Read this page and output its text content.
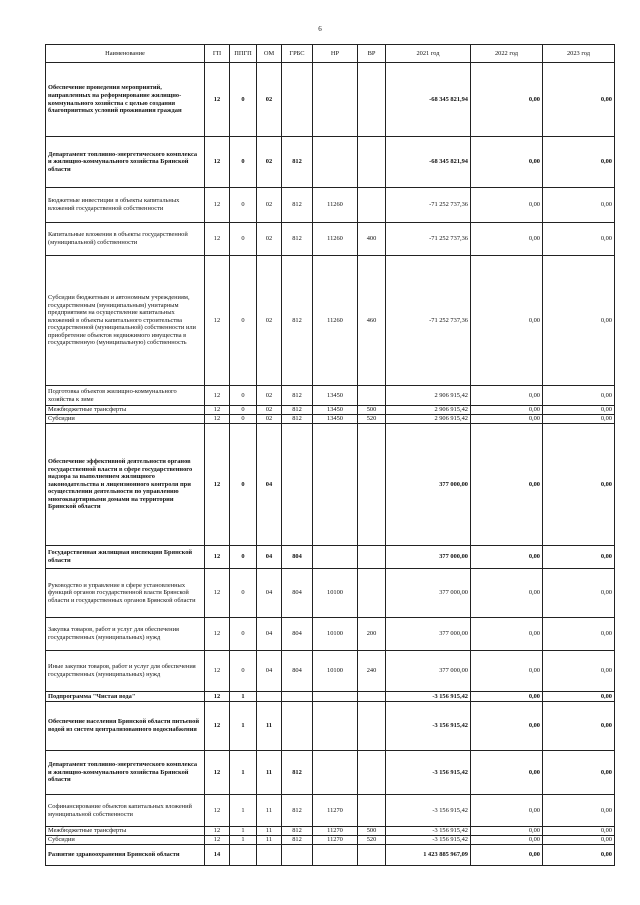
6
Наименование	ГП	ППГП	ОМ	ГРБС	НР	ВР	2021 год	2022 год	2023 год
Обеспечение проведения мероприятий, направленных на реформирование жилищно-коммунального хозяйства с целью создания благоприятных условий проживания граждан	12	0	02				-68 345 821,94	0,00	0,00
Департамент топливно-энергетического комплекса и жилищно-коммунального хозяйства Брянской области	12	0	02	812			-68 345 821,94	0,00	0,00
Бюджетные инвестиции в объекты капитальных вложений государственной собственности	12	0	02	812	11260		-71 252 737,36	0,00	0,00
Капитальные вложения в объекты государственной (муниципальной) собственности	12	0	02	812	11260	400	-71 252 737,36	0,00	0,00
Субсидии бюджетным и автономным учреждениям, государственным (муниципальным) унитарным предприятиям на осуществление капитальных вложений в объекты капитального строительства государственной (муниципальной) собственности или приобретение объектов недвижимого имущества в государственную (муниципальную) собственность	12	0	02	812	11260	460	-71 252 737,36	0,00	0,00
Подготовка объектов жилищно-коммунального хозяйства к зиме	12	0	02	812	13450		2 906 915,42	0,00	0,00
Межбюджетные трансферты	12	0	02	812	13450	500	2 906 915,42	0,00	0,00
Субсидии	12	0	02	812	13450	520	2 906 915,42	0,00	0,00
Обеспечение эффективной деятельности органов государственной власти в сфере государственного надзора за выполнением жилищного законодательства и лицензионного контроля при осуществлении деятельности по управлению многоквартирными домами на территории Брянской области	12	0	04				377 000,00	0,00	0,00
Государственная жилищная инспекция Брянской области	12	0	04	804			377 000,00	0,00	0,00
Руководство и управление в сфере установленных функций органов государственной власти Брянской области и государственных органов Брянской области	12	0	04	804	10100		377 000,00	0,00	0,00
Закупка товаров, работ и услуг для обеспечения государственных (муниципальных) нужд	12	0	04	804	10100	200	377 000,00	0,00	0,00
Иные закупки товаров, работ и услуг для обеспечения государственных (муниципальных) нужд	12	0	04	804	10100	240	377 000,00	0,00	0,00
Подпрограмма "Чистая вода"	12	1					-3 156 915,42	0,00	0,00
Обеспечение населения Брянской области питьевой водой из систем централизованного водоснабжения	12	1	11				-3 156 915,42	0,00	0,00
Департамент топливно-энергетического комплекса и жилищно-коммунального хозяйства Брянской области	12	1	11	812			-3 156 915,42	0,00	0,00
Софинансирование объектов капитальных вложений муниципальной собственности	12	1	11	812	11270		-3 156 915,42	0,00	0,00
Межбюджетные трансферты	12	1	11	812	11270	500	-3 156 915,42	0,00	0,00
Субсидии	12	1	11	812	11270	520	-3 156 915,42	0,00	0,00
Развитие здравоохранения Брянской области	14						1 423 885 967,09	0,00	0,00
